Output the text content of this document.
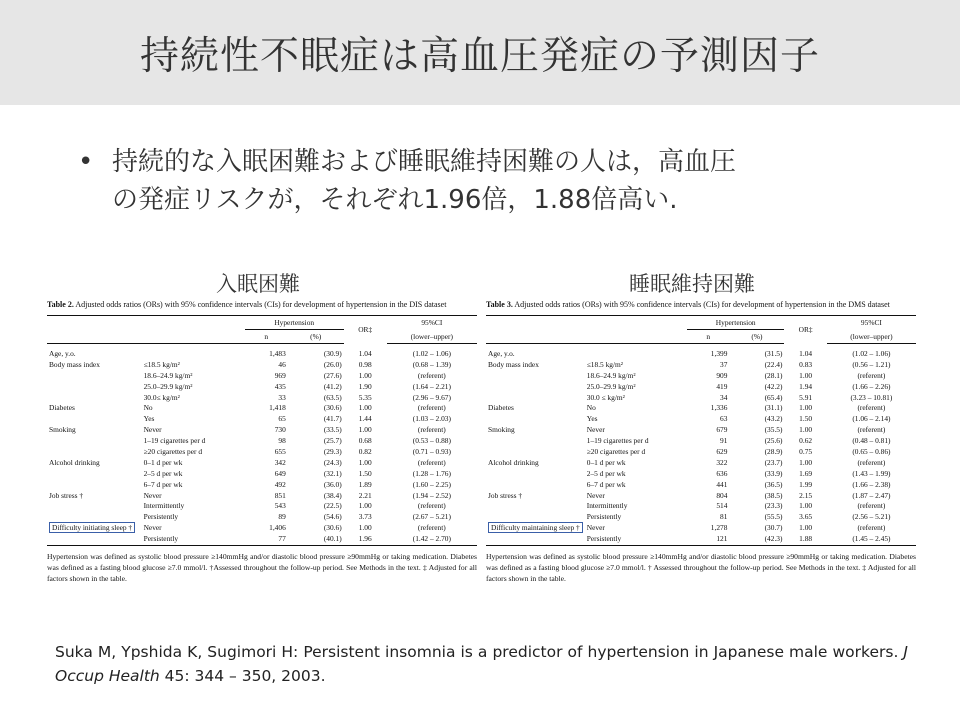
持続性不眠症は高血圧発症の予測因子
• 持続的な入眠困難および睡眠維持困難の人は，高血圧
の発症リスクが，それぞれ1.96倍，1.88倍高い.
入眠困難	睡眠維持困難
Table 2. Adjusted odds ratios (ORs) with 95% confidence intervals (CIs) for development of hypertension in the DIS dataset
		Hypertension		OR‡	95%CI
		n	(%)		(lower–upper)
Age, y.o.		1,483	(30.9)	1.04	(1.02 – 1.06)
Body mass index	≤18.5 kg/m²	46	(26.0)	0.98	(0.68 – 1.39)
	18.6–24.9 kg/m²	969	(27.6)	1.00	(referent)
	25.0–29.9 kg/m²	435	(41.2)	1.90	(1.64 – 2.21)
	30.0≤ kg/m²	33	(63.5)	5.35	(2.96 – 9.67)
Diabetes	No	1,418	(30.6)	1.00	(referent)
	Yes	65	(41.7)	1.44	(1.03 – 2.03)
Smoking	Never	730	(33.5)	1.00	(referent)
	1–19 cigarettes per d	98	(25.7)	0.68	(0.53 – 0.88)
	≥20 cigarettes per d	655	(29.3)	0.82	(0.71 – 0.93)
Alcohol drinking	0–1 d per wk	342	(24.3)	1.00	(referent)
	2–5 d per wk	649	(32.1)	1.50	(1.28 – 1.76)
	6–7 d per wk	492	(36.0)	1.89	(1.60 – 2.25)
Job stress †	Never	851	(38.4)	2.21	(1.94 – 2.52)
	Intermittently	543	(22.5)	1.00	(referent)
	Persistently	89	(54.6)	3.73	(2.67 – 5.21)
Difficulty initiating sleep †	Never	1,406	(30.6)	1.00	(referent)
	Persistently	77	(40.1)	1.96	(1.42 – 2.70)
Hypertension was defined as systolic blood pressure ≥140mmHg and/or diastolic blood pressure ≥90mmHg or taking medication. Diabetes was defined as a fasting blood glucose ≥7.0 mmol/l. †Assessed throughout the follow-up period. See Methods in the text. ‡ Adjusted for all factors shown in the table.
Table 3. Adjusted odds ratios (ORs) with 95% confidence intervals (CIs) for development of hypertension in the DMS dataset
		Hypertension		OR‡	95%CI
		n	(%)		(lower–upper)
Age, y.o.		1,399	(31.5)	1.04	(1.02 – 1.06)
Body mass index	≤18.5 kg/m²	37	(22.4)	0.83	(0.56 – 1.21)
	18.6–24.9 kg/m²	909	(28.1)	1.00	(referent)
	25.0–29.9 kg/m²	419	(42.2)	1.94	(1.66 – 2.26)
	30.0 ≤ kg/m²	34	(65.4)	5.91	(3.23 – 10.81)
Diabetes	No	1,336	(31.1)	1.00	(referent)
	Yes	63	(43.2)	1.50	(1.06 – 2.14)
Smoking	Never	679	(35.5)	1.00	(referent)
	1–19 cigarettes per d	91	(25.6)	0.62	(0.48 – 0.81)
	≥20 cigarettes per d	629	(28.9)	0.75	(0.65 – 0.86)
Alcohol drinking	0–1 d per wk	322	(23.7)	1.00	(referent)
	2–5 d per wk	636	(33.9)	1.69	(1.43 – 1.99)
	6–7 d per wk	441	(36.5)	1.99	(1.66 – 2.38)
Job stress †	Never	804	(38.5)	2.15	(1.87 – 2.47)
	Intermittently	514	(23.3)	1.00	(referent)
	Persistently	81	(55.5)	3.65	(2.56 – 5.21)
Difficulty maintaining sleep †	Never	1,278	(30.7)	1.00	(referent)
	Persistently	121	(42.3)	1.88	(1.45 – 2.45)
Hypertension was defined as systolic blood pressure ≥140mmHg and/or diastolic blood pressure ≥90mmHg or taking medication. Diabetes was defined as a fasting blood glucose ≥7.0 mmol/l. † Assessed throughout the follow-up period. See Methods in the text. ‡ Adjusted for all factors shown in the table.
Suka M, Ypshida K, Sugimori H: Persistent insomnia is a predictor of hypertension in Japanese male workers. J Occup Health 45: 344 – 350, 2003.
